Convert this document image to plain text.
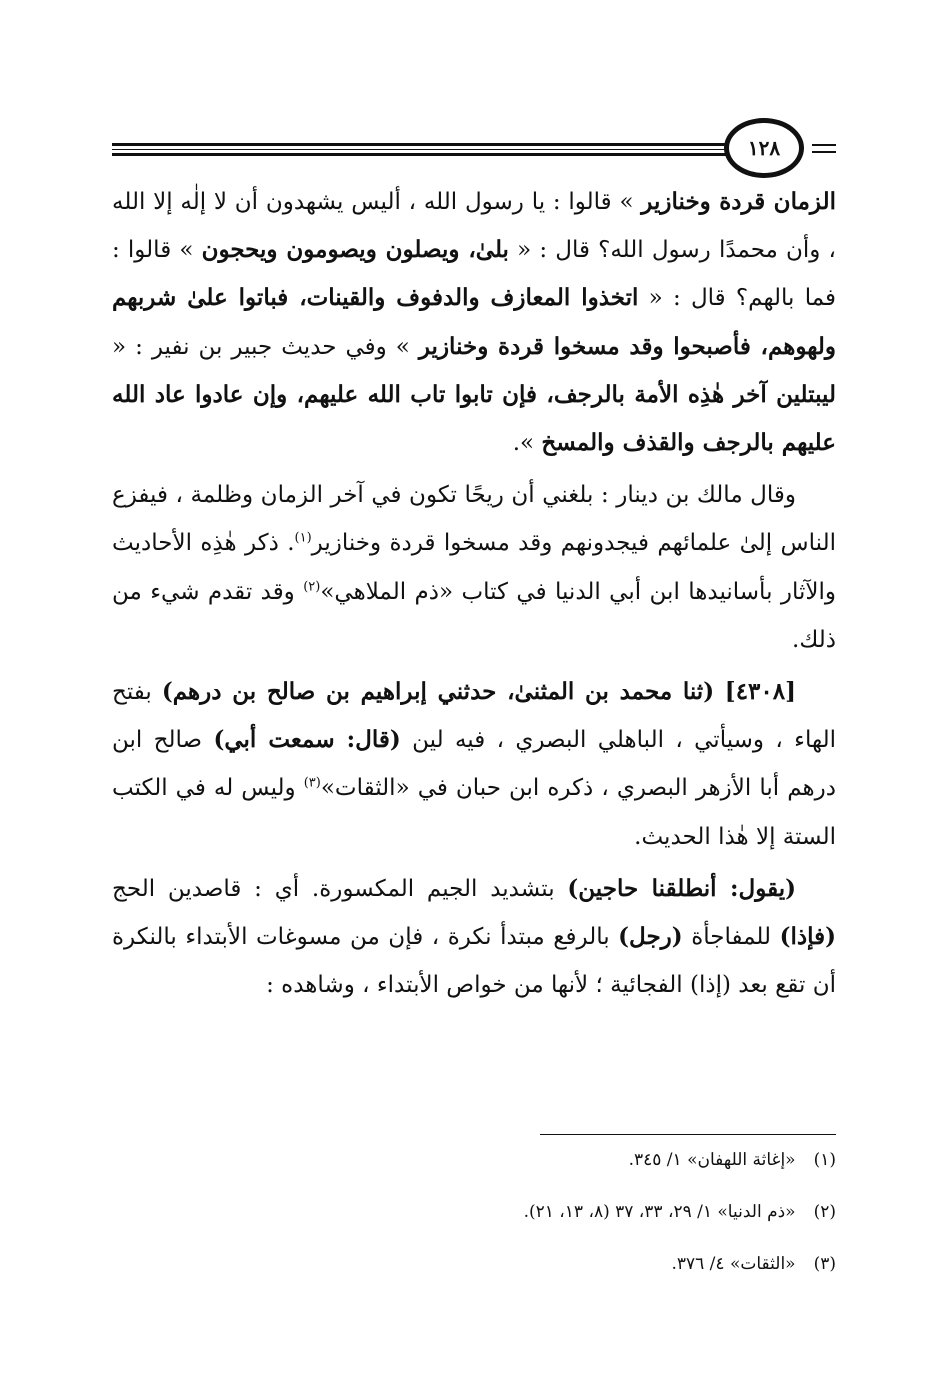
١٢٨

الزمان قردة وخنازير » قالوا : يا رسول الله ، أليس يشهدون أن لا إلٰه إلا الله ، وأن محمدًا رسول الله؟ قال : « بلىٰ، ويصلون ويصومون ويحجون » قالوا : فما بالهم؟ قال : « اتخذوا المعازف والدفوف والقينات، فباتوا علىٰ شربهم ولهوهم، فأصبحوا وقد مسخوا قردة وخنازير » وفي حديث جبير بن نفير : « ليبتلين آخر هٰذِه الأمة بالرجف، فإن تابوا تاب الله عليهم، وإن عادوا عاد الله عليهم بالرجف والقذف والمسخ ».

وقال مالك بن دينار : بلغني أن ريحًا تكون في آخر الزمان وظلمة ، فيفزع الناس إلىٰ علمائهم فيجدونهم وقد مسخوا قردة وخنازير$^{(١)}$. ذكر هٰذِه الأحاديث والآثار بأسانيدها ابن أبي الدنيا في كتاب «ذم الملاهي»$^{(٢)}$ وقد تقدم شيء من ذلك.

[٤٣٠٨] (ثنا محمد بن المثنىٰ، حدثني إبراهيم بن صالح بن درهم) بفتح الهاء ، وسيأتي ، الباهلي البصري ، فيه لين (قال: سمعت أبي) صالح ابن درهم أبا الأزهر البصري ، ذكره ابن حبان في «الثقات»$^{(٣)}$ وليس له في الكتب الستة إلا هٰذا الحديث.

(يقول: أنطلقنا حاجين) بتشديد الجيم المكسورة. أي : قاصدين الحج (فإذا) للمفاجأة (رجل) بالرفع مبتدأ نكرة ، فإن من مسوغات الأبتداء بالنكرة أن تقع بعد (إذا) الفجائية ؛ لأنها من خواص الأبتداء ، وشاهده :

(١)«إغاثة اللهفان» ١/ ٣٤٥.
(٢)«ذم الدنيا» ١/ ٢٩، ٣٣، ٣٧ (٨، ١٣، ٢١).
(٣)«الثقات» ٤/ ٣٧٦.
